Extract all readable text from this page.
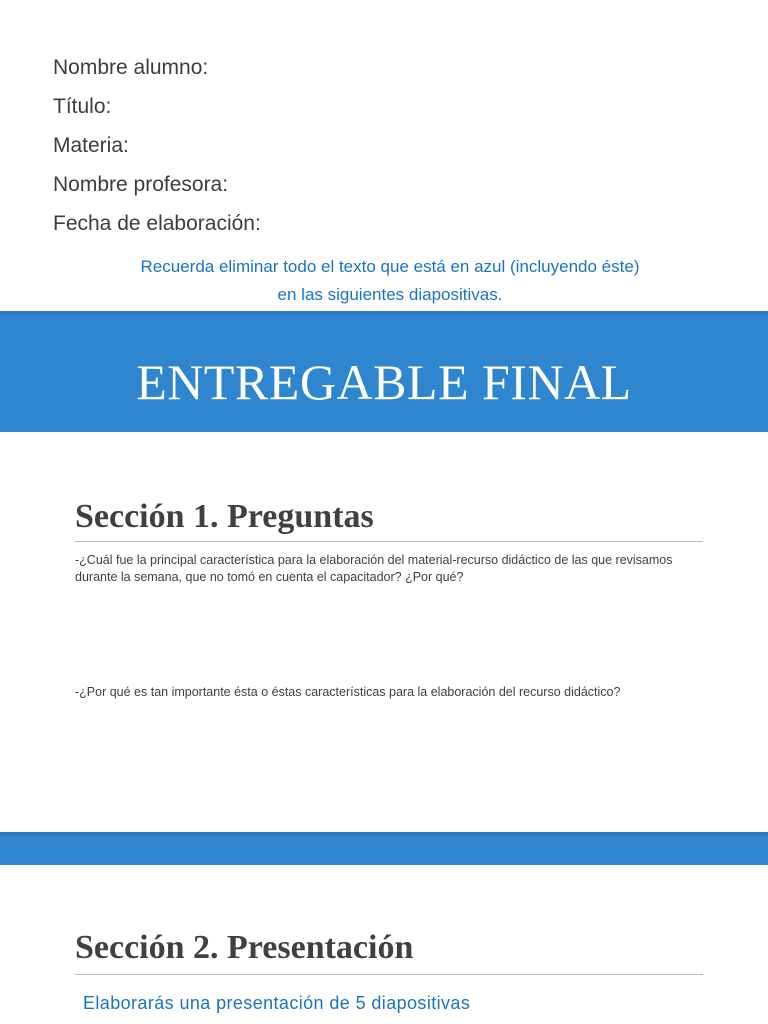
Nombre alumno:
Título:
Materia:
Nombre profesora:
Fecha de elaboración:
Recuerda eliminar todo el texto que está en azul (incluyendo éste)
en las siguientes diapositivas.
ENTREGABLE FINAL
Sección 1. Preguntas
-¿Cuál fue la principal característica para la elaboración del material-recurso didáctico de las que revisamos durante la semana, que no tomó en cuenta el capacitador? ¿Por qué?
-¿Por qué es tan importante ésta o éstas características para la elaboración del recurso didáctico?
Sección 2. Presentación
Elaborarás una presentación de 5 diapositivas
